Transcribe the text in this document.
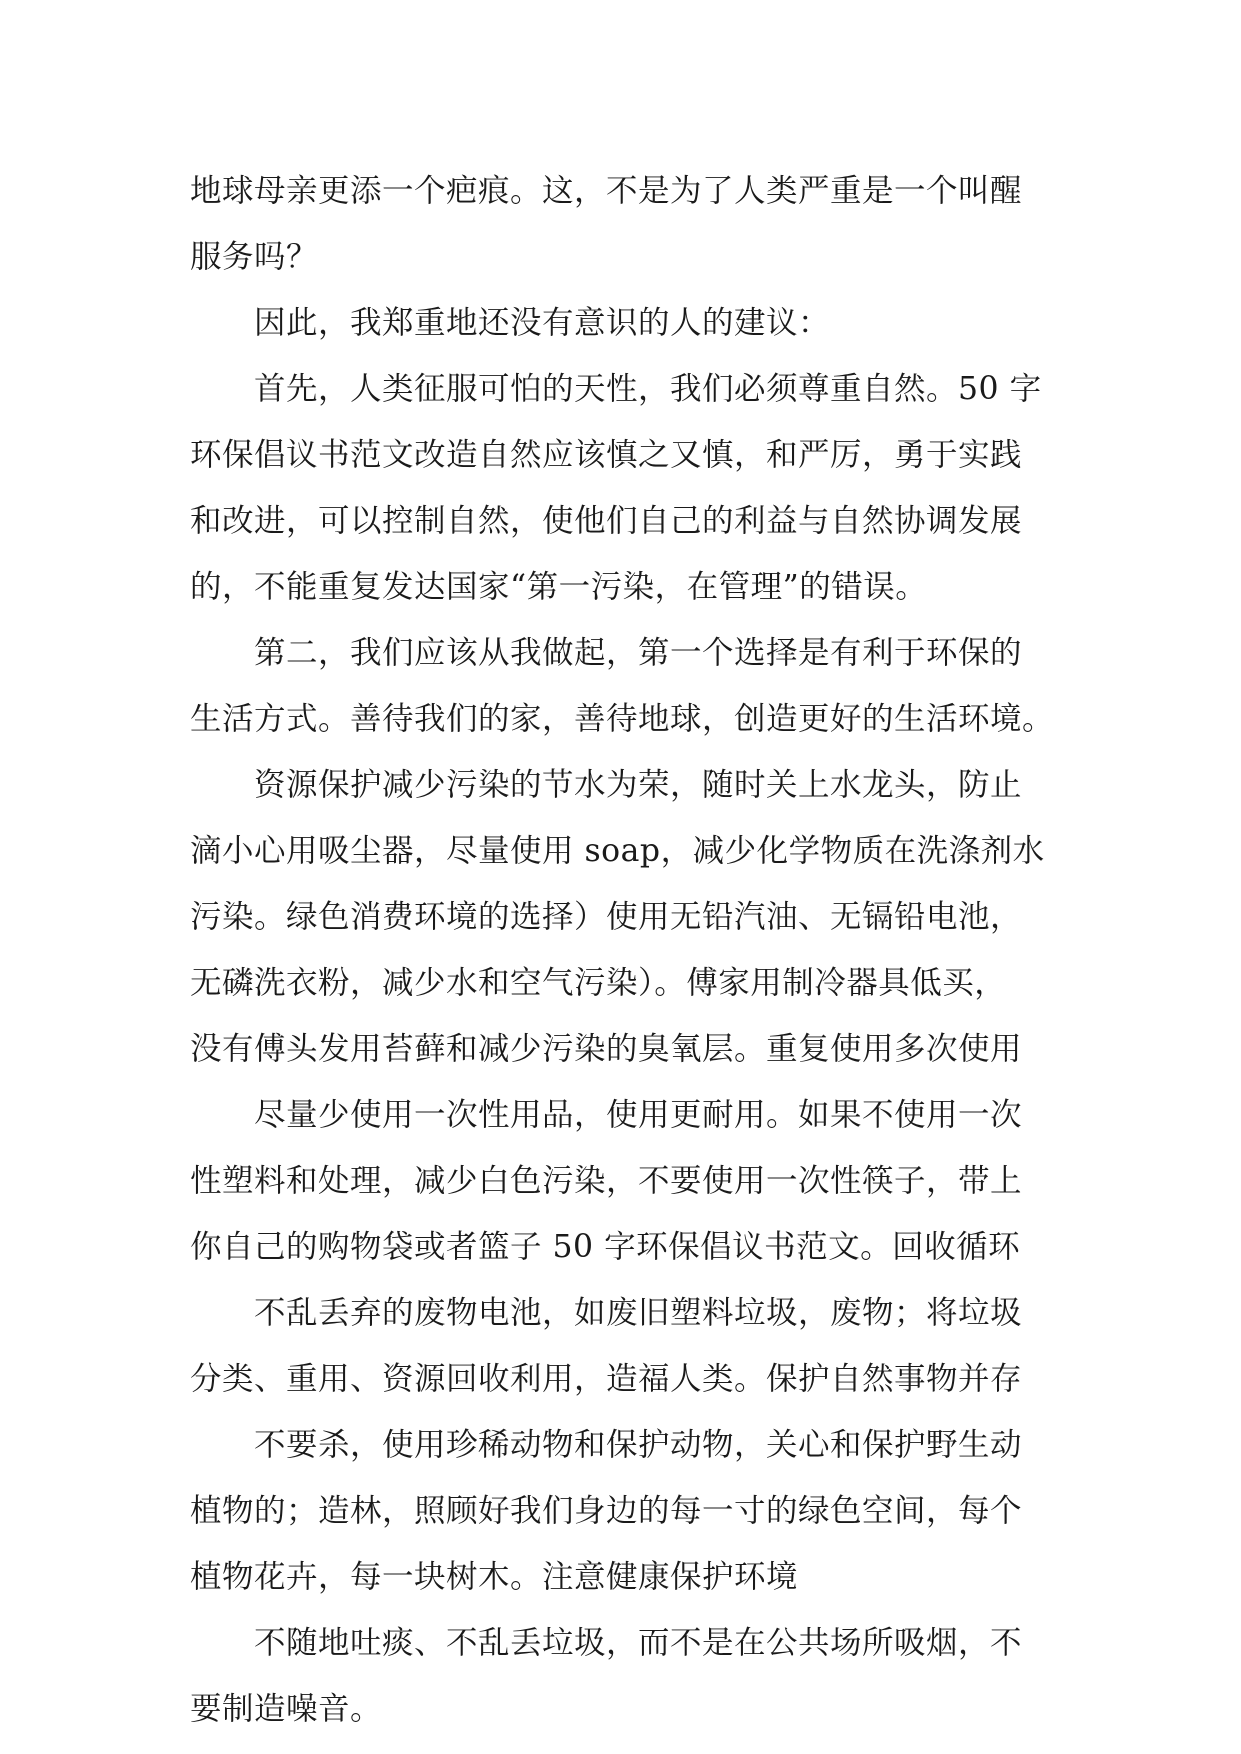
地球母亲更添一个疤痕。这，不是为了人类严重是一个叫醒
服务吗？
因此，我郑重地还没有意识的人的建议：
首先，人类征服可怕的天性，我们必须尊重自然。50 字
环保倡议书范文改造自然应该慎之又慎，和严厉，勇于实践
和改进，可以控制自然，使他们自己的利益与自然协调发展
的，不能重复发达国家“第一污染，在管理”的错误。
第二，我们应该从我做起，第一个选择是有利于环保的
生活方式。善待我们的家，善待地球，创造更好的生活环境。
资源保护减少污染的节水为荣，随时关上水龙头，防止
滴小心用吸尘器，尽量使用 soap，减少化学物质在洗涤剂水
污染。绿色消费环境的选择）使用无铅汽油、无镉铅电池，
无磷洗衣粉，减少水和空气污染）。傅家用制冷器具低买，
没有傅头发用苔藓和减少污染的臭氧层。重复使用多次使用
尽量少使用一次性用品，使用更耐用。如果不使用一次
性塑料和处理，减少白色污染，不要使用一次性筷子，带上
你自己的购物袋或者篮子 50 字环保倡议书范文。回收循环
不乱丢弃的废物电池，如废旧塑料垃圾，废物；将垃圾
分类、重用、资源回收利用，造福人类。保护自然事物并存
不要杀，使用珍稀动物和保护动物，关心和保护野生动
植物的；造林，照顾好我们身边的每一寸的绿色空间，每个
植物花卉，每一块树木。注意健康保护环境
不随地吐痰、不乱丢垃圾，而不是在公共场所吸烟，不
要制造噪音。
